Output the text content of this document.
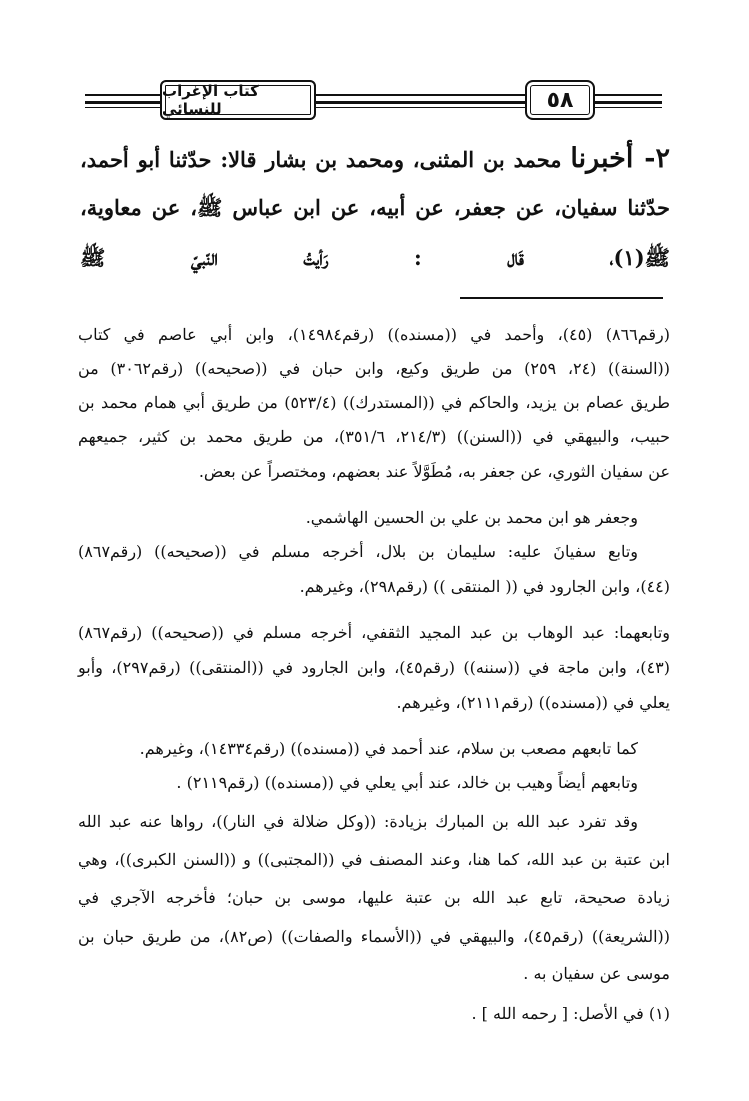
كتاب الإغراب للنسائي	٥٨
٢- أخبرنا محمد بن المثنى، ومحمد بن بشار قالا: حدّثنا أبو أحمد،
حدّثنا سفيان، عن جعفر، عن أبيه، عن ابن عباس ﷺ، عن معاوية،
ﷺ(١)، قَال : رَأيتُ النّبيّ ﷺ
(رقم٨٦٦) (٤٥)، وأحمد في ((مسنده)) (رقم١٤٩٨٤)، وابن أبي عاصم في كتاب
((السنة)) (٢٤، ٢٥٩) من طريق وكيع، وابن حبان في ((صحيحه)) (رقم٣٠٦٢) من
طريق عصام بن يزيد، والحاكم في ((المستدرك)) (٥٢٣/٤) من طريق أبي همام محمد بن
حبيب، والبيهقي في ((السنن)) (٢١٤/٣، ٣٥١/٦)، من طريق محمد بن كثير، جميعهم
عن سفيان الثوري، عن جعفر به، مُطَوَّلاً عند بعضهم، ومختصراً عن بعض.
وجعفر هو ابن محمد بن علي بن الحسين الهاشمي.
وتابع سفيانَ عليه: سليمان بن بلال، أخرجه مسلم في ((صحيحه)) (رقم٨٦٧)
(٤٤)، وابن الجارود في (( المنتقى )) (رقم٢٩٨)، وغيرهم.
وتابعهما: عبد الوهاب بن عبد المجيد الثقفي، أخرجه مسلم في ((صحيحه)) (رقم٨٦٧)
(٤٣)، وابن ماجة في ((سننه)) (رقم٤٥)، وابن الجارود في ((المنتقى)) (رقم٢٩٧)، وأبو
يعلي في ((مسنده)) (رقم٢١١١)، وغيرهم.
كما تابعهم مصعب بن سلام، عند أحمد في ((مسنده)) (رقم١٤٣٣٤)، وغيرهم.
وتابعهم أيضاً وهيب بن خالد، عند أبي يعلي في ((مسنده)) (رقم٢١١٩) .
وقد تفرد عبد الله بن المبارك بزيادة: ((وكل ضلالة في النار))، رواها عنه عبد الله
ابن عتبة بن عبد الله، كما هنا، وعند المصنف في ((المجتبى)) و ((السنن الكبرى))، وهي
زيادة صحيحة، تابع عبد الله بن عتبة عليها، موسى بن حبان؛ فأخرجه الآجري في
((الشريعة)) (رقم٤٥)، والبيهقي في ((الأسماء والصفات)) (ص٨٢)، من طريق حبان بن
موسى عن سفيان به .
(١) في الأصل: [ رحمه الله ] .
